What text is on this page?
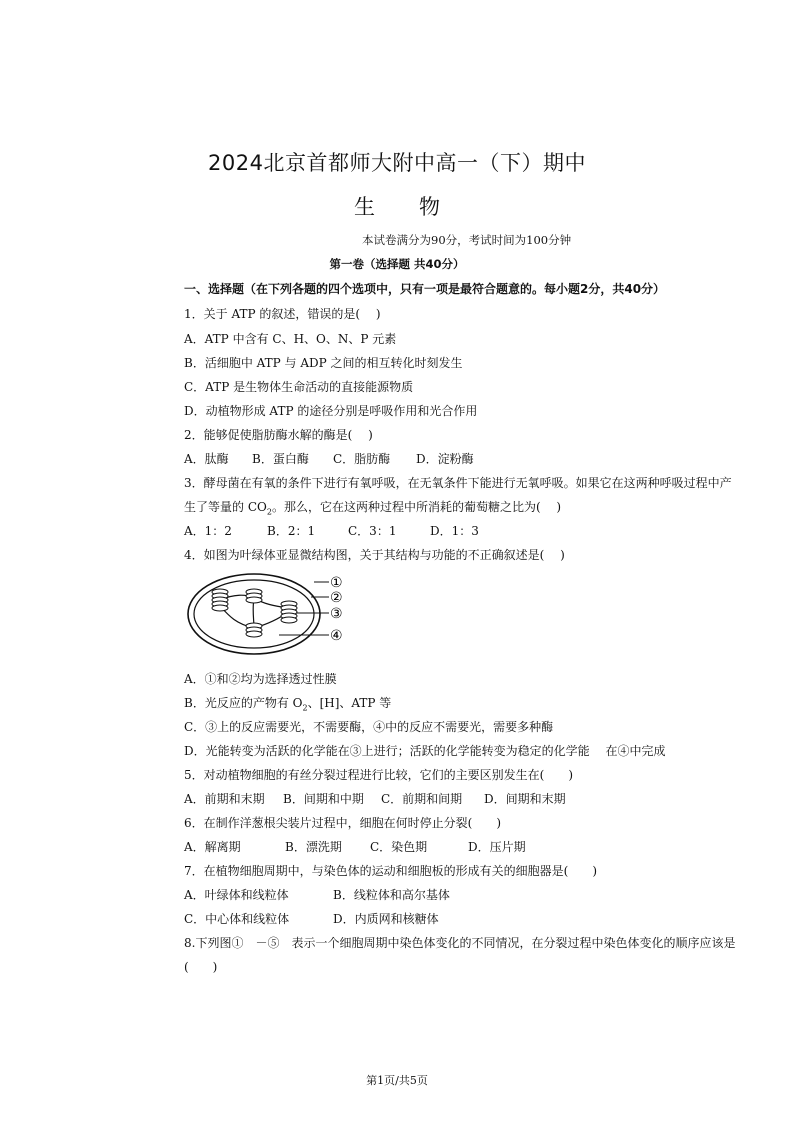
2024北京首都师大附中高一（下）期中
生物
本试卷满分为90分，考试时间为100分钟
第一卷（选择题 共40分）
一、选择题（在下列各题的四个选项中，只有一项是最符合题意的。每小题2分，共40分）
1．关于 ATP 的叙述，错误的是(　 )
A．ATP 中含有 C、H、O、N、P 元素
B．活细胞中 ATP 与 ADP 之间的相互转化时刻发生
C．ATP 是生物体生命活动的直接能源物质
D．动植物形成 ATP 的途径分别是呼吸作用和光合作用
2．能够促使脂肪酶水解的酶是(　 )
A．肽酶 B．蛋白酶 C．脂肪酶 D．淀粉酶
3．酵母菌在有氧的条件下进行有氧呼吸，在无氧条件下能进行无氧呼吸。如果它在这两种呼吸过程中产
生了等量的 $CO_2$。那么，它在这两种过程中所消耗的葡萄糖之比为(　 )
A．1：2	B．2：1	C．3：1	D．1：3
4．如图为叶绿体亚显微结构图，关于其结构与功能的不正确叙述是(　 )
①
②
③
④
A．①和②均为选择透过性膜
B．光反应的产物有 $O_2$、[H]、ATP 等
C．③上的反应需要光，不需要酶，④中的反应不需要光，需要多种酶
D．光能转变为活跃的化学能在③上进行；活跃的化学能转变为稳定的化学能　 在④中完成
5．对动植物细胞的有丝分裂过程进行比较，它们的主要区别发生在(　　)
A．前期和末期 B．间期和中期 C．前期和间期 D．间期和末期
6．在制作洋葱根尖装片过程中，细胞在何时停止分裂(　　)
A．解离期	B．漂洗期 C．染色期	D．压片期
7．在植物细胞周期中，与染色体的运动和细胞板的形成有关的细胞器是(　　)
A．叶绿体和线粒体	B．线粒体和高尔基体
C．中心体和线粒体	D．内质网和核糖体
8.下列图①　－⑤　表示一个细胞周期中染色体变化的不同情况，在分裂过程中染色体变化的顺序应该是
(　　)
第1页/共5页
